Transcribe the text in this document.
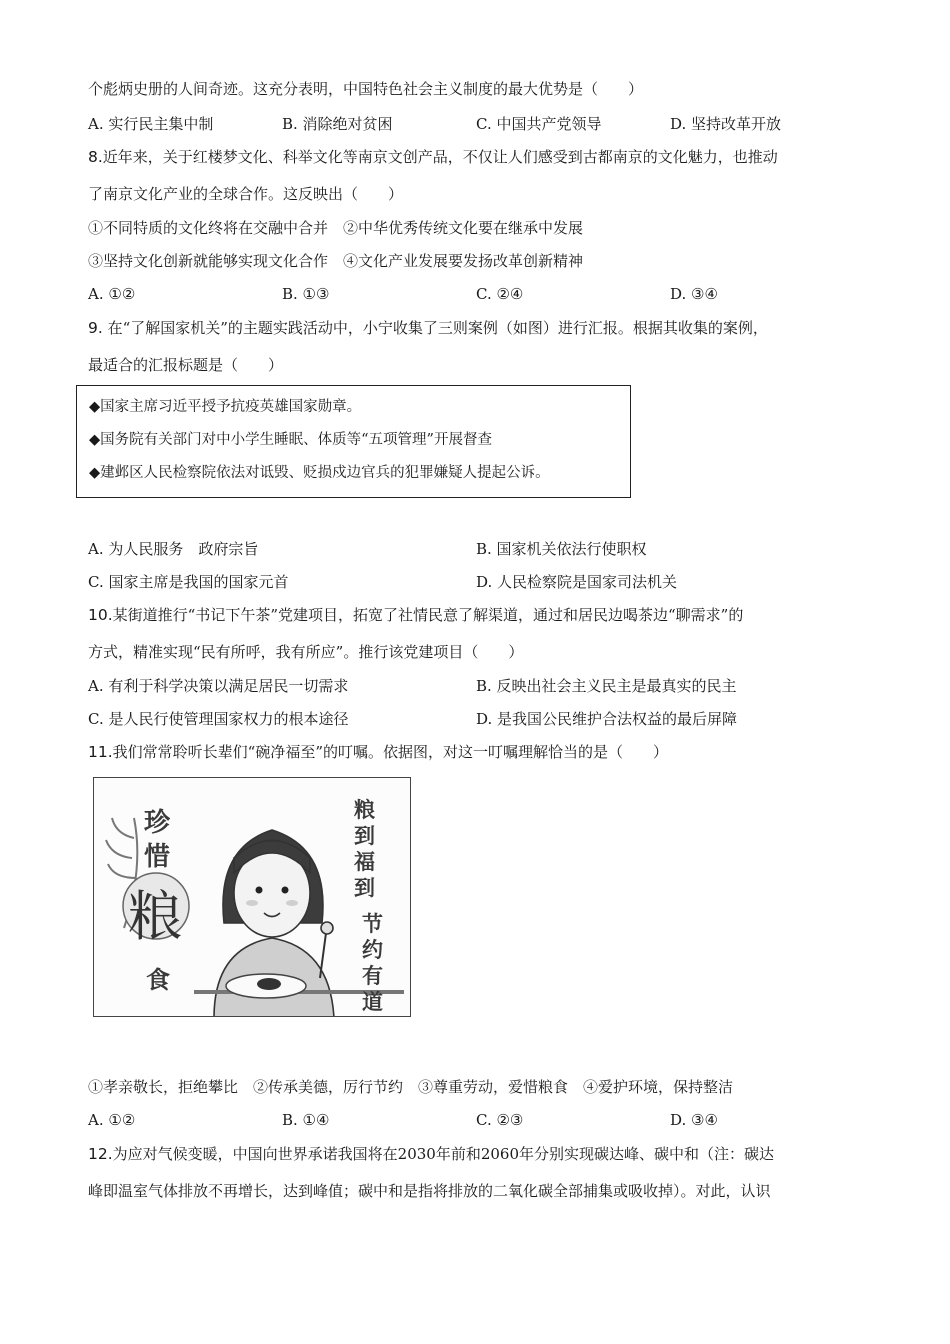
个彪炳史册的人间奇迹。这充分表明，中国特色社会主义制度的最大优势是（　　）
A. 实行民主集中制	B. 消除绝对贫困	C. 中国共产党领导	D. 坚持改革开放
8.近年来，关于红楼梦文化、科举文化等南京文创产品，不仅让人们感受到古都南京的文化魅力，也推动
了南京文化产业的全球合作。这反映出（　　）
①不同特质的文化终将在交融中合并　②中华优秀传统文化要在继承中发展
③坚持文化创新就能够实现文化合作　④文化产业发展要发扬改革创新精神
A. ①②	B. ①③	C. ②④	D. ③④
9. 在“了解国家机关”的主题实践活动中，小宁收集了三则案例（如图）进行汇报。根据其收集的案例，
最适合的汇报标题是（　　）
◆国家主席习近平授予抗疫英雄国家勋章。
◆国务院有关部门对中小学生睡眠、体质等“五项管理”开展督查
◆建邺区人民检察院依法对诋毁、贬损戍边官兵的犯罪嫌疑人提起公诉。
A. 为人民服务　政府宗旨	B. 国家机关依法行使职权
C. 国家主席是我国的国家元首	D. 人民检察院是国家司法机关
10.某街道推行“书记下午茶”党建项目，拓宽了社情民意了解渠道，通过和居民边喝茶边“聊需求”的
方式，精准实现“民有所呼，我有所应”。推行该党建项目（　　）
A. 有利于科学决策以满足居民一切需求	B. 反映出社会主义民主是最真实的民主
C. 是人民行使管理国家权力的根本途径	D. 是我国公民维护合法权益的最后屏障
11.我们常常聆听长辈们“碗净福至”的叮嘱。依据图，对这一叮嘱理解恰当的是（　　）
珍
惜
粮
食
粮
到
福
到
节
约
有
道
①孝亲敬长，拒绝攀比　②传承美德，厉行节约　③尊重劳动，爱惜粮食　④爱护环境，保持整洁
A. ①②	B. ①④	C. ②③	D. ③④
12.为应对气候变暖，中国向世界承诺我国将在2030年前和2060年分别实现碳达峰、碳中和（注：碳达
峰即温室气体排放不再增长，达到峰值；碳中和是指将排放的二氧化碳全部捕集或吸收掉）。对此，认识
